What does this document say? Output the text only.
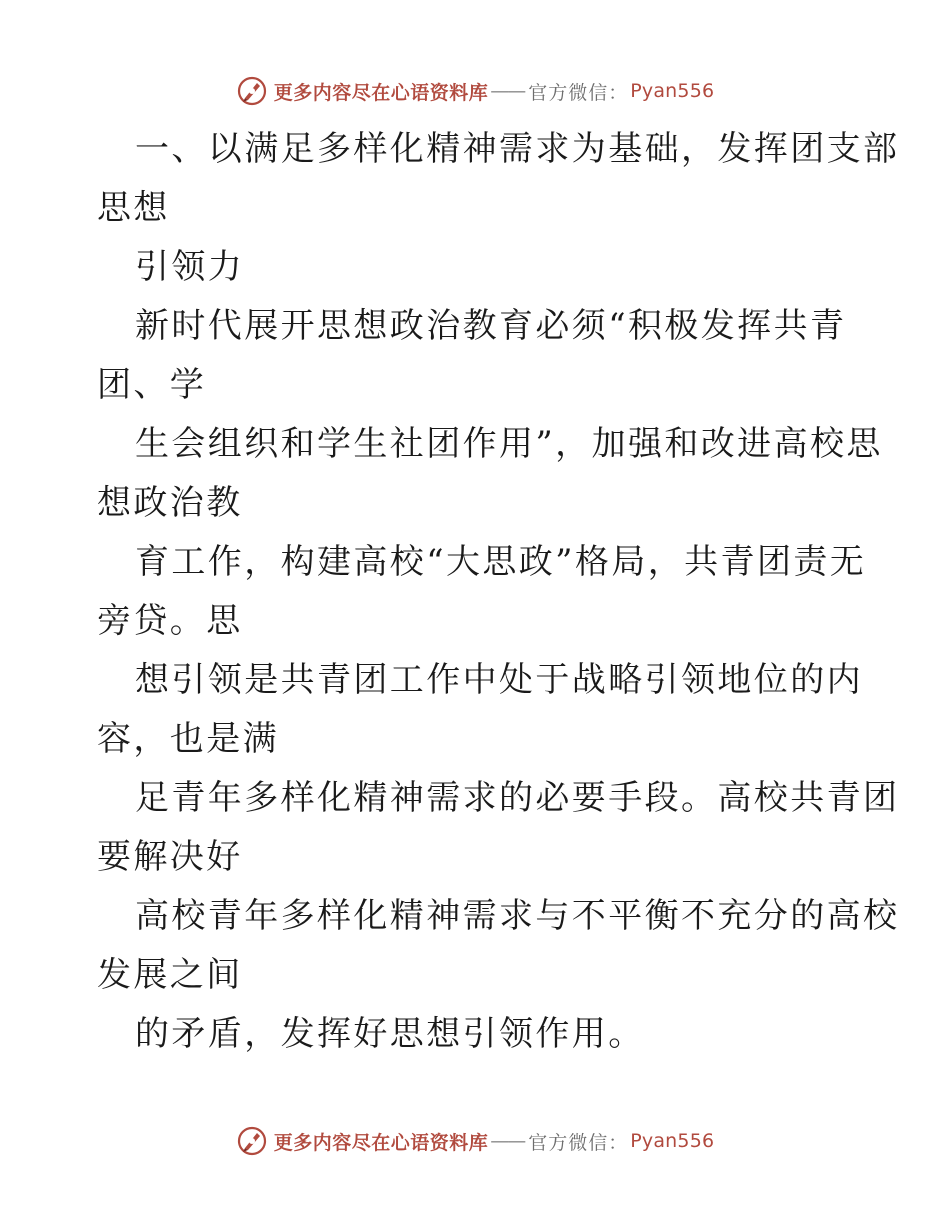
更多内容尽在心语资料库 —— 官方微信： Pyan556
一、以满足多样化精神需求为基础，发挥团支部
思想
引领力
新时代展开思想政治教育必须“积极发挥共青
团、学
生会组织和学生社团作用”，加强和改进高校思
想政治教
育工作，构建高校“大思政”格局，共青团责无
旁贷。思
想引领是共青团工作中处于战略引领地位的内
容，也是满
足青年多样化精神需求的必要手段。高校共青团
要解决好
高校青年多样化精神需求与不平衡不充分的高校
发展之间
的矛盾，发挥好思想引领作用。
更多内容尽在心语资料库 —— 官方微信： Pyan556
